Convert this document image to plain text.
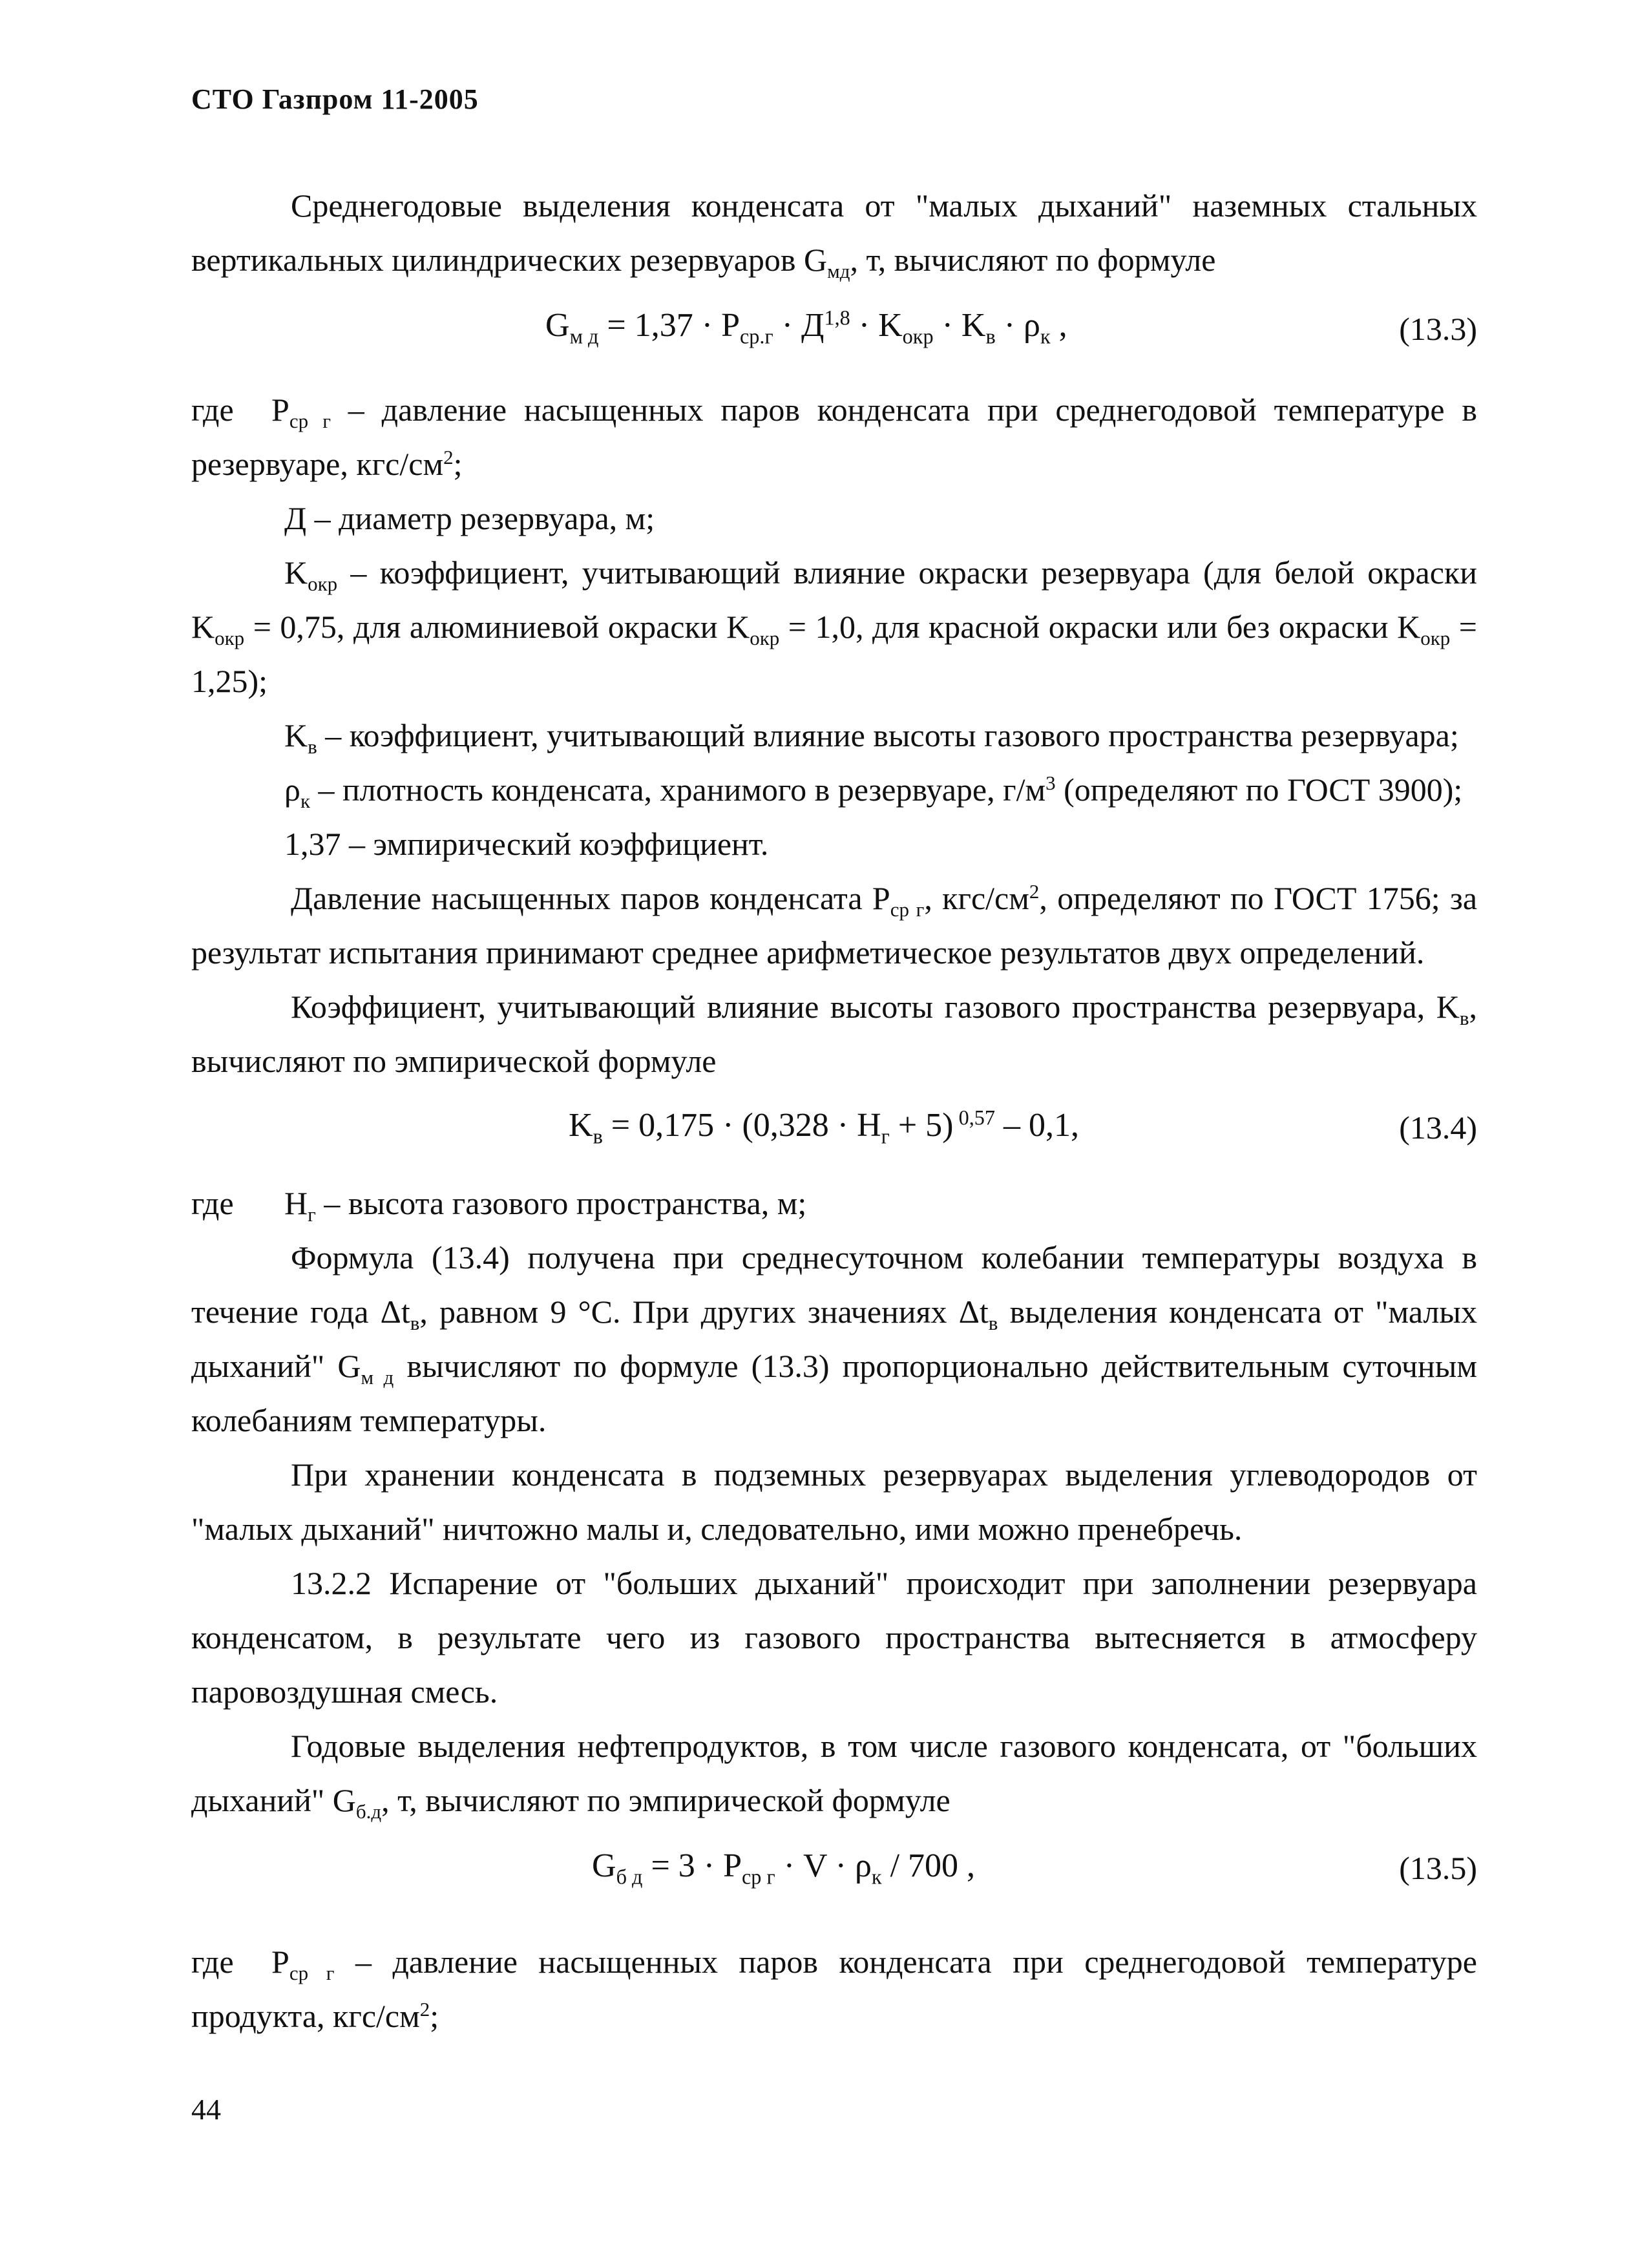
СТО Газпром 11-2005
Среднегодовые выделения конденсата от "малых дыханий" наземных стальных вертикальных цилиндрических резервуаров $G_{мд}$, т, вычисляют по формуле
$G_{м д} = 1,37 \cdot P_{ср.г} \cdot Д^{1,8} \cdot K_{окр} \cdot K_в \cdot \rho_к$ ,	(13.3)
где	$P_{ср г}$ – давление насыщенных паров конденсата при среднегодовой температуре в резервуаре, кгс/$см^2$;
Д – диаметр резервуара, м;
$K_{окр}$ – коэффициент, учитывающий влияние окраски резервуара (для белой окраски $K_{окр} = 0,75$, для алюминиевой окраски $K_{окр} = 1,0$, для красной окраски или без окраски $K_{окр} = 1,25$);
$K_в$ – коэффициент, учитывающий влияние высоты газового пространства резервуара;
$\rho_к$ – плотность конденсата, хранимого в резервуаре, $г/м^3$ (определяют по ГОСТ 3900);
1,37 – эмпирический коэффициент.
Давление насыщенных паров конденсата $P_{ср г}$, кгс/$см^2$, определяют по ГОСТ 1756; за результат испытания принимают среднее арифметическое результатов двух определений.
Коэффициент, учитывающий влияние высоты газового пространства резервуара, $K_в$, вычисляют по эмпирической формуле
$K_в = 0,175 \cdot (0,328 \cdot H_г + 5)$ $^{0,57}$ – 0,1,	(13.4)
где $H_г$ – высота газового пространства, м;
Формула (13.4) получена при среднесуточном колебании температуры воздуха в течение года $\Delta t_в$, равном 9 °С. При других значениях $\Delta t_в$ выделения конденсата от "малых дыханий" $G_{м д}$ вычисляют по формуле (13.3) пропорционально действительным суточным колебаниям температуры.
При хранении конденсата в подземных резервуарах выделения углеводородов от "малых дыханий" ничтожно малы и, следовательно, ими можно пренебречь.
13.2.2 Испарение от "больших дыханий" происходит при заполнении резервуара конденсатом, в результате чего из газового пространства вытесняется в атмосферу паровоздушная смесь.
Годовые выделения нефтепродуктов, в том числе газового конденсата, от "больших дыханий" $G_{б.д}$, т, вычисляют по эмпирической формуле
$G_{б д} = 3 \cdot P_{ср г} \cdot V \cdot \rho_к / 700$ ,	(13.5)
где	$P_{ср г}$ – давление насыщенных паров конденсата при среднегодовой температуре продукта, кгс/$см^2$;
44
